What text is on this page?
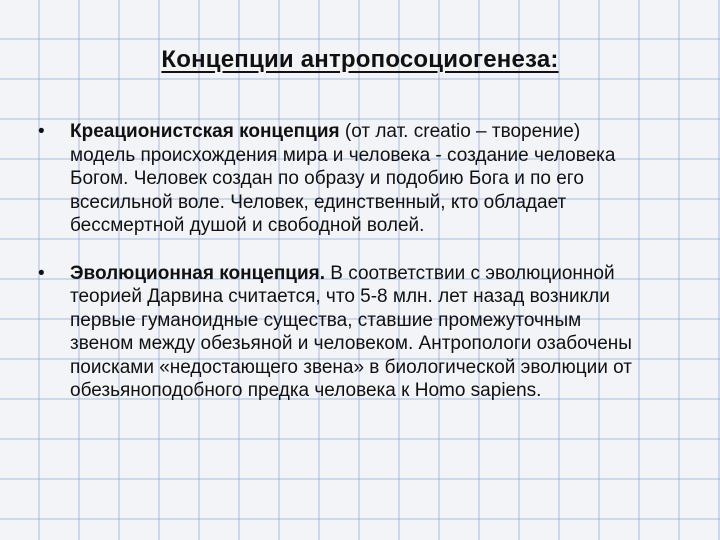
Концепции антропосоциогенеза:
•	Креационистская концепция (от лат. creatio – творение) модель происхождения мира и человека - создание человека Богом. Человек создан по образу и подобию Бога и по его всесильной воле. Человек, единственный, кто обладает бессмертной душой и свободной волей.
•	Эволюционная концепция. В соответствии с эволюционной теорией Дарвина считается, что 5-8 млн. лет назад возникли первые гуманоидные существа, ставшие промежуточным звеном между обезьяной и человеком. Антропологи озабочены поисками «недостающего звена» в биологической эволюции от обезьяноподобного предка человека к Homo sapiens.
